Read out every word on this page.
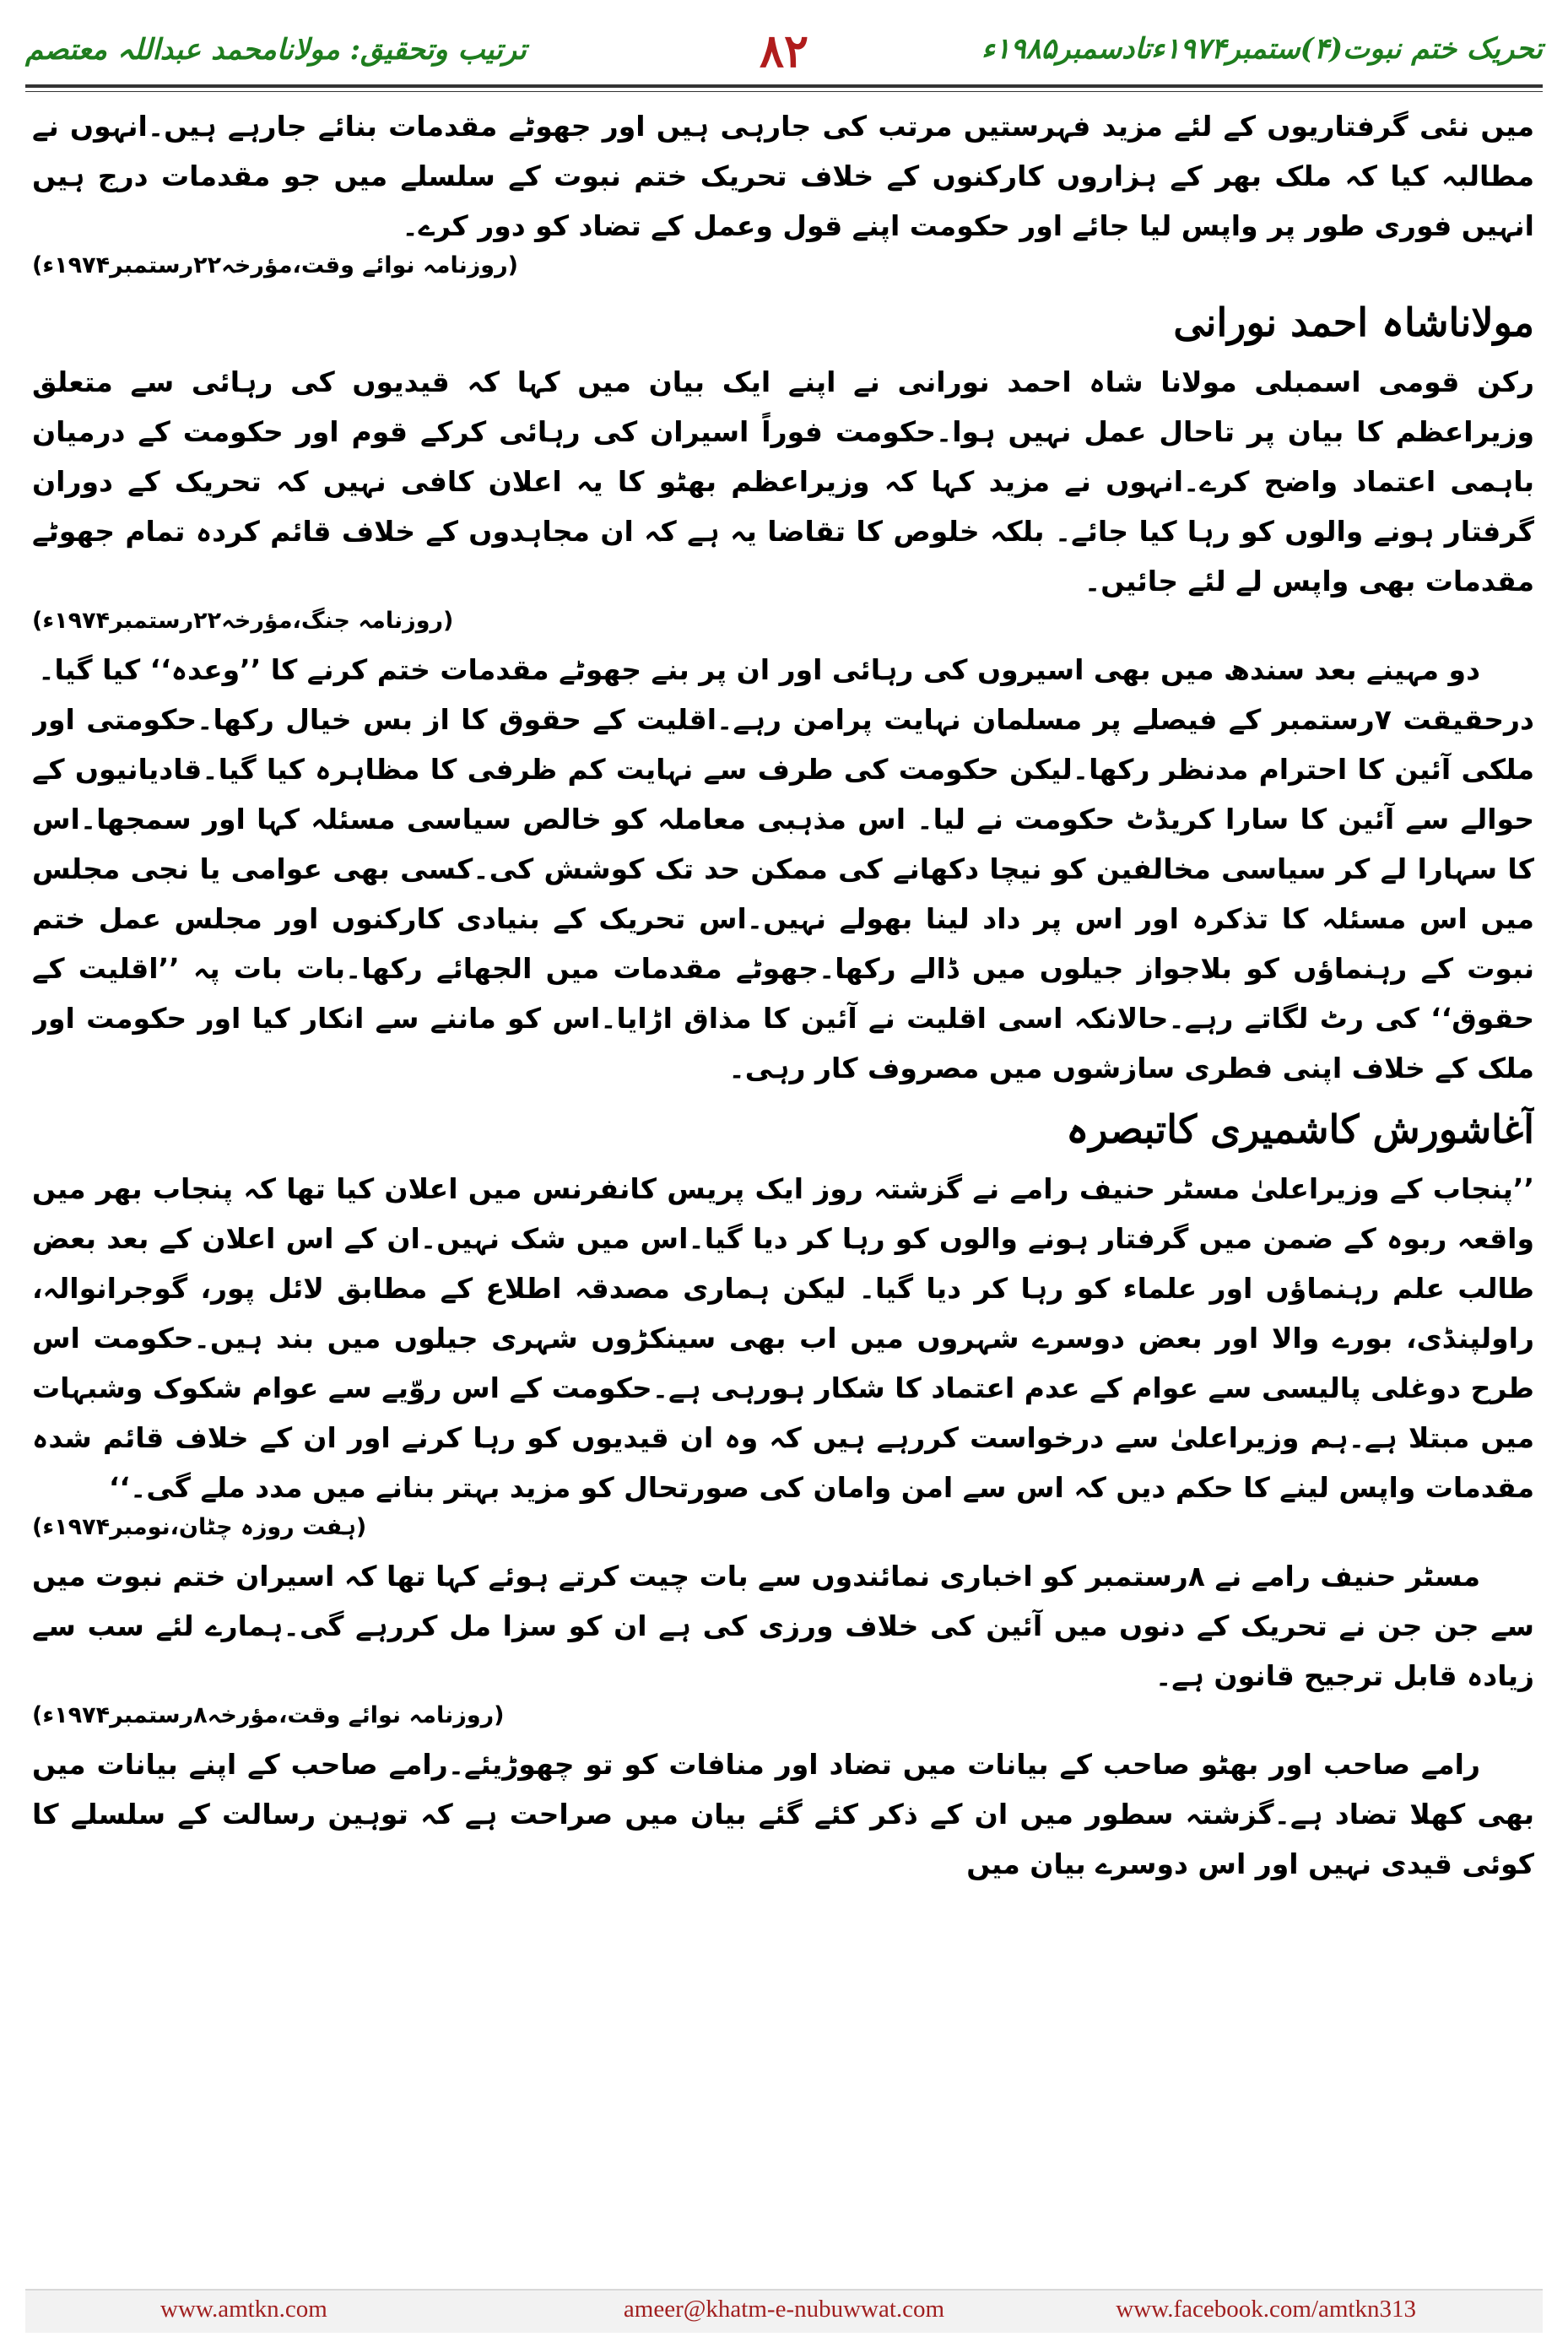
تحریک ختم نبوت(۴)ستمبر۱۹۷۴ءتادسمبر۱۹۸۵ء
۸۲
ترتیب وتحقیق: مولانامحمد عبداللہ معتصم

میں نئی گرفتاریوں کے لئے مزید فہرستیں مرتب کی جارہی ہیں اور جھوٹے مقدمات بنائے جارہے ہیں۔انہوں نے مطالبہ کیا کہ ملک بھر کے ہزاروں کارکنوں کے خلاف تحریک ختم نبوت کے سلسلے میں جو مقدمات درج ہیں انہیں فوری طور پر واپس لیا جائے اور حکومت اپنے قول وعمل کے تضاد کو دور کرے۔

(روزنامہ نوائے وقت،مؤرخہ۲۲رستمبر۱۹۷۴ء)
مولاناشاہ احمد نورانی

رکن قومی اسمبلی مولانا شاہ احمد نورانی نے اپنے ایک بیان میں کہا کہ قیدیوں کی رہائی سے متعلق وزیراعظم کا بیان پر تاحال عمل نہیں ہوا۔حکومت فوراً اسیران کی رہائی کرکے قوم اور حکومت کے درمیان باہمی اعتماد واضح کرے۔انہوں نے مزید کہا کہ وزیراعظم بھٹو کا یہ اعلان کافی نہیں کہ تحریک کے دوران گرفتار ہونے والوں کو رہا کیا جائے۔ بلکہ خلوص کا تقاضا یہ ہے کہ ان مجاہدوں کے خلاف قائم کردہ تمام جھوٹے مقدمات بھی واپس لے لئے جائیں۔

(روزنامہ جنگ،مؤرخہ۲۲رستمبر۱۹۷۴ء)

دو مہینے بعد سندھ میں بھی اسیروں کی رہائی اور ان پر بنے جھوٹے مقدمات ختم کرنے کا ’’وعدہ‘‘ کیا گیا۔

درحقیقت ۷رستمبر کے فیصلے پر مسلمان نہایت پرامن رہے۔اقلیت کے حقوق کا از بس خیال رکھا۔حکومتی اور ملکی آئین کا احترام مدنظر رکھا۔لیکن حکومت کی طرف سے نہایت کم ظرفی کا مظاہرہ کیا گیا۔قادیانیوں کے حوالے سے آئین کا سارا کریڈٹ حکومت نے لیا۔ اس مذہبی معاملہ کو خالص سیاسی مسئلہ کہا اور سمجھا۔اس کا سہارا لے کر سیاسی مخالفین کو نیچا دکھانے کی ممکن حد تک کوشش کی۔کسی بھی عوامی یا نجی مجلس میں اس مسئلہ کا تذکرہ اور اس پر داد لینا بھولے نہیں۔اس تحریک کے بنیادی کارکنوں اور مجلس عمل ختم نبوت کے رہنماؤں کو بلاجواز جیلوں میں ڈالے رکھا۔جھوٹے مقدمات میں الجھائے رکھا۔بات بات پہ ’’اقلیت کے حقوق‘‘ کی رٹ لگاتے رہے۔حالانکہ اسی اقلیت نے آئین کا مذاق اڑایا۔اس کو ماننے سے انکار کیا اور حکومت اور ملک کے خلاف اپنی فطری سازشوں میں مصروف کار رہی۔

آغاشورش کاشمیری کاتبصرہ

’’پنجاب کے وزیراعلیٰ مسٹر حنیف رامے نے گزشتہ روز ایک پریس کانفرنس میں اعلان کیا تھا کہ پنجاب بھر میں واقعہ ربوہ کے ضمن میں گرفتار ہونے والوں کو رہا کر دیا گیا۔اس میں شک نہیں۔ان کے اس اعلان کے بعد بعض طالب علم رہنماؤں اور علماء کو رہا کر دیا گیا۔ لیکن ہماری مصدقہ اطلاع کے مطابق لائل پور، گوجرانوالہ، راولپنڈی، بورے والا اور بعض دوسرے شہروں میں اب بھی سینکڑوں شہری جیلوں میں بند ہیں۔حکومت اس طرح دوغلی پالیسی سے عوام کے عدم اعتماد کا شکار ہورہی ہے۔حکومت کے اس روّیے سے عوام شکوک وشبہات میں مبتلا ہے۔ہم وزیراعلیٰ سے درخواست کررہے ہیں کہ وہ ان قیدیوں کو رہا کرنے اور ان کے خلاف قائم شدہ مقدمات واپس لینے کا حکم دیں کہ اس سے امن وامان کی صورتحال کو مزید بہتر بنانے میں مدد ملے گی۔‘‘

(ہفت روزہ چٹان،نومبر۱۹۷۴ء)

مسٹر حنیف رامے نے ۸رستمبر کو اخباری نمائندوں سے بات چیت کرتے ہوئے کہا تھا کہ اسیران ختم نبوت میں سے جن جن نے تحریک کے دنوں میں آئین کی خلاف ورزی کی ہے ان کو سزا مل کررہے گی۔ہمارے لئے سب سے زیادہ قابل ترجیح قانون ہے۔

(روزنامہ نوائے وقت،مؤرخہ۸رستمبر۱۹۷۴ء)

رامے صاحب اور بھٹو صاحب کے بیانات میں تضاد اور منافات کو تو چھوڑیئے۔رامے صاحب کے اپنے بیانات میں بھی کھلا تضاد ہے۔گزشتہ سطور میں ان کے ذکر کئے گئے بیان میں صراحت ہے کہ توہین رسالت کے سلسلے کا کوئی قیدی نہیں اور اس دوسرے بیان میں

www.amtkn.com	ameer@khatm-e-nubuwwat.com	www.facebook.com/amtkn313
